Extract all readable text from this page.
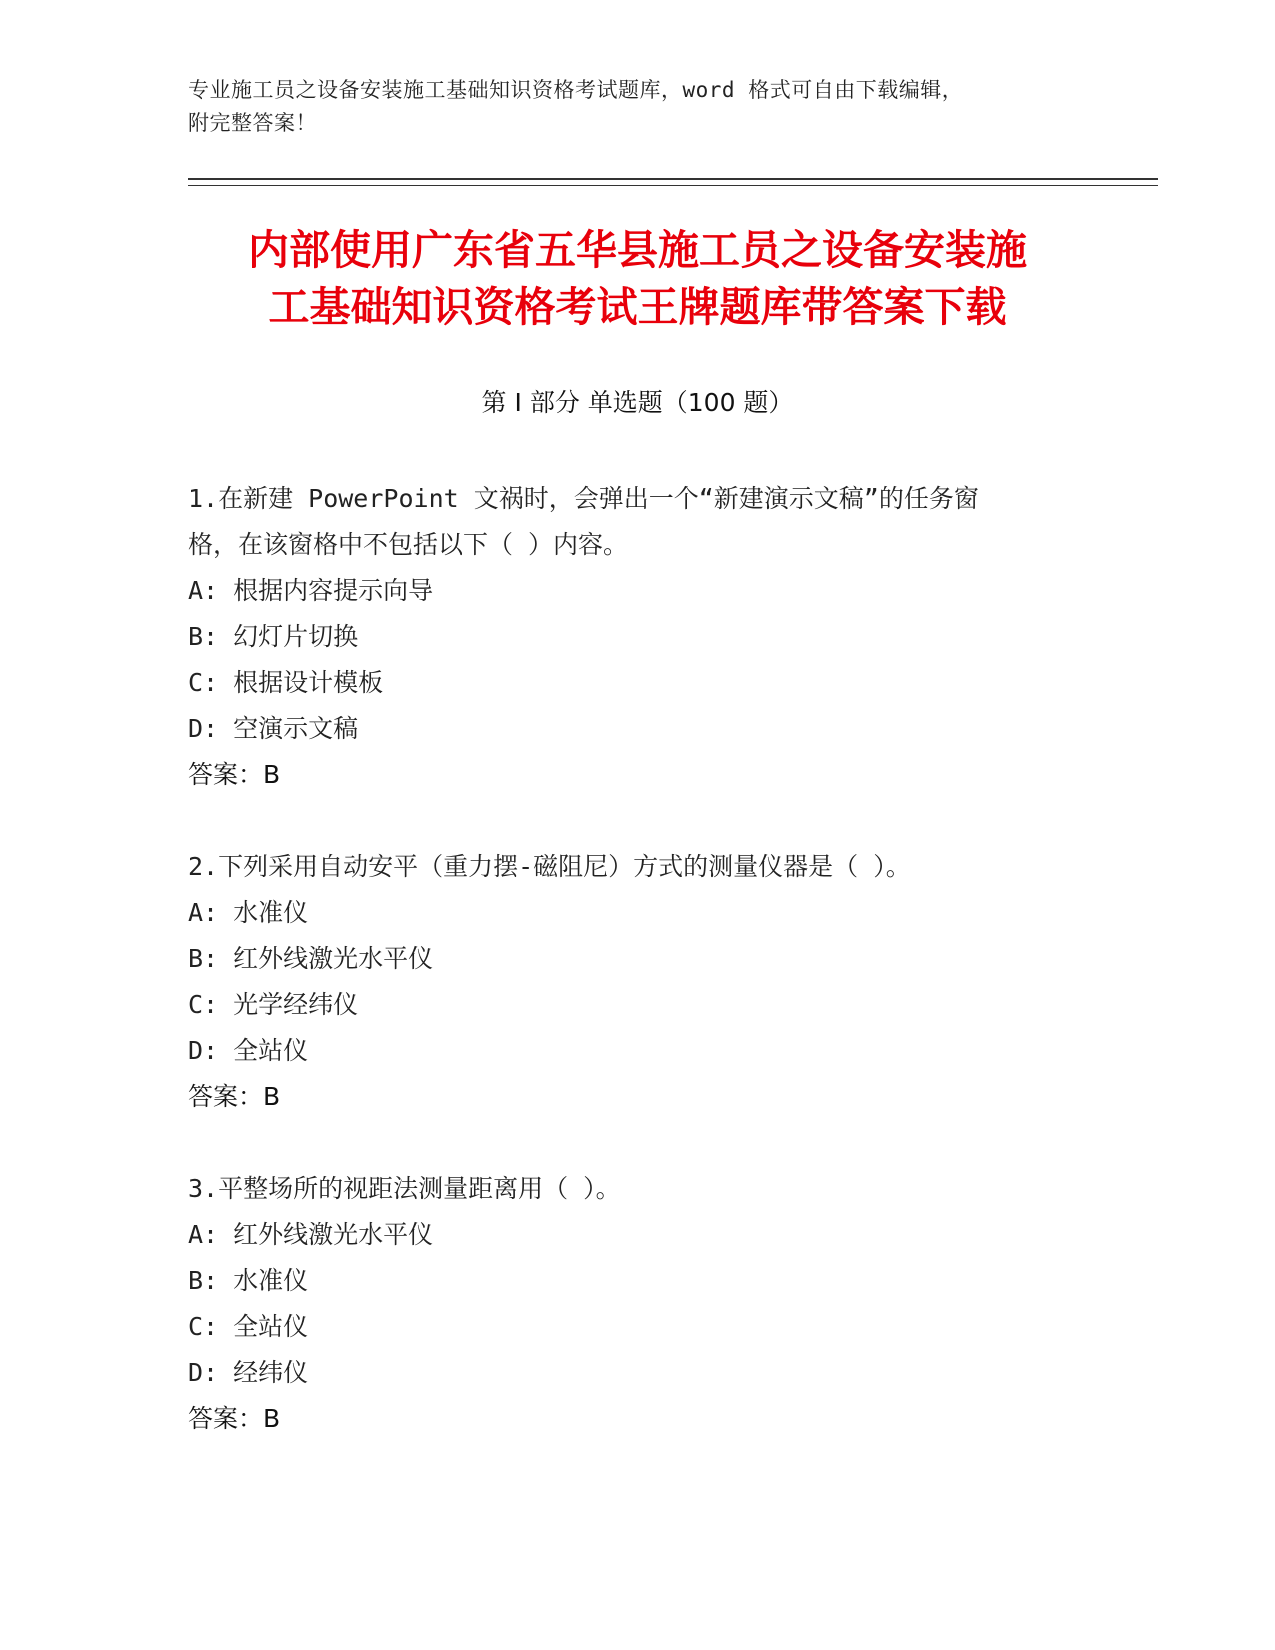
专业施工员之设备安装施工基础知识资格考试题库，word 格式可自由下载编辑，
附完整答案！
内部使用广东省五华县施工员之设备安装施
工基础知识资格考试王牌题库带答案下载
第 I 部分 单选题（100 题）
1.在新建 PowerPoint 文祸时，会弹出一个“新建演示文稿”的任务窗
格，在该窗格中不包括以下（ ）内容。
A: 根据内容提示向导
B: 幻灯片切换
C: 根据设计模板
D: 空演示文稿
答案：B
2.下列采用自动安平（重力摆-磁阻尼）方式的测量仪器是（ ）。
A: 水准仪
B: 红外线激光水平仪
C: 光学经纬仪
D: 全站仪
答案：B
3.平整场所的视距法测量距离用（ ）。
A: 红外线激光水平仪
B: 水准仪
C: 全站仪
D: 经纬仪
答案：B
